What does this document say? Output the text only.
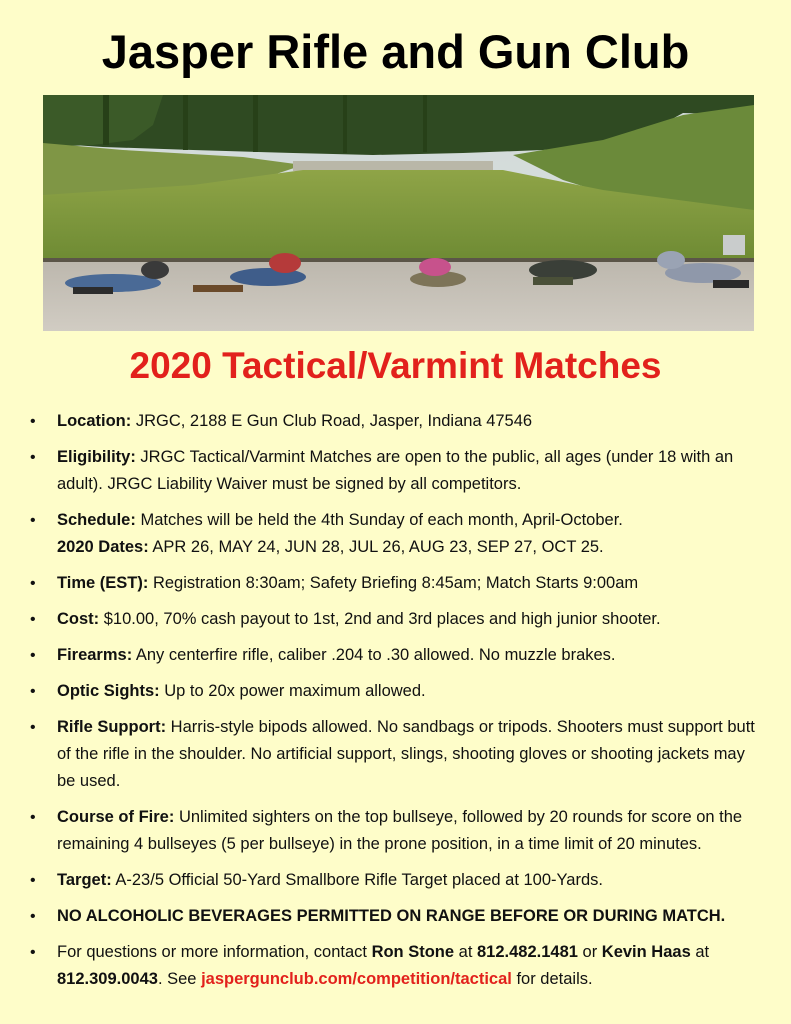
Jasper Rifle and Gun Club
2020 Tactical/Varmint Matches
• Location: JRGC, 2188 E Gun Club Road, Jasper, Indiana 47546
• Eligibility: JRGC Tactical/Varmint Matches are open to the public, all ages (under 18 with an adult). JRGC Liability Waiver must be signed by all competitors.
• Schedule: Matches will be held the 4th Sunday of each month, April-October.
2020 Dates: APR 26, MAY 24, JUN 28, JUL 26, AUG 23, SEP 27, OCT 25.
• Time (EST): Registration 8:30am; Safety Briefing 8:45am; Match Starts 9:00am
• Cost: $10.00, 70% cash payout to 1st, 2nd and 3rd places and high junior shooter.
• Firearms: Any centerfire rifle, caliber .204 to .30 allowed. No muzzle brakes.
• Optic Sights: Up to 20x power maximum allowed.
• Rifle Support: Harris-style bipods allowed. No sandbags or tripods. Shooters must support butt of the rifle in the shoulder. No artificial support, slings, shooting gloves or shooting jackets may be used.
• Course of Fire: Unlimited sighters on the top bullseye, followed by 20 rounds for score on the remaining 4 bullseyes (5 per bullseye) in the prone position, in a time limit of 20 minutes.
• Target: A-23/5 Official 50-Yard Smallbore Rifle Target placed at 100-Yards.
• NO ALCOHOLIC BEVERAGES PERMITTED ON RANGE BEFORE OR DURING MATCH.
• For questions or more information, contact Ron Stone at 812.482.1481 or Kevin Haas at 812.309.0043. See jaspergunclub.com/competition/tactical for details.
